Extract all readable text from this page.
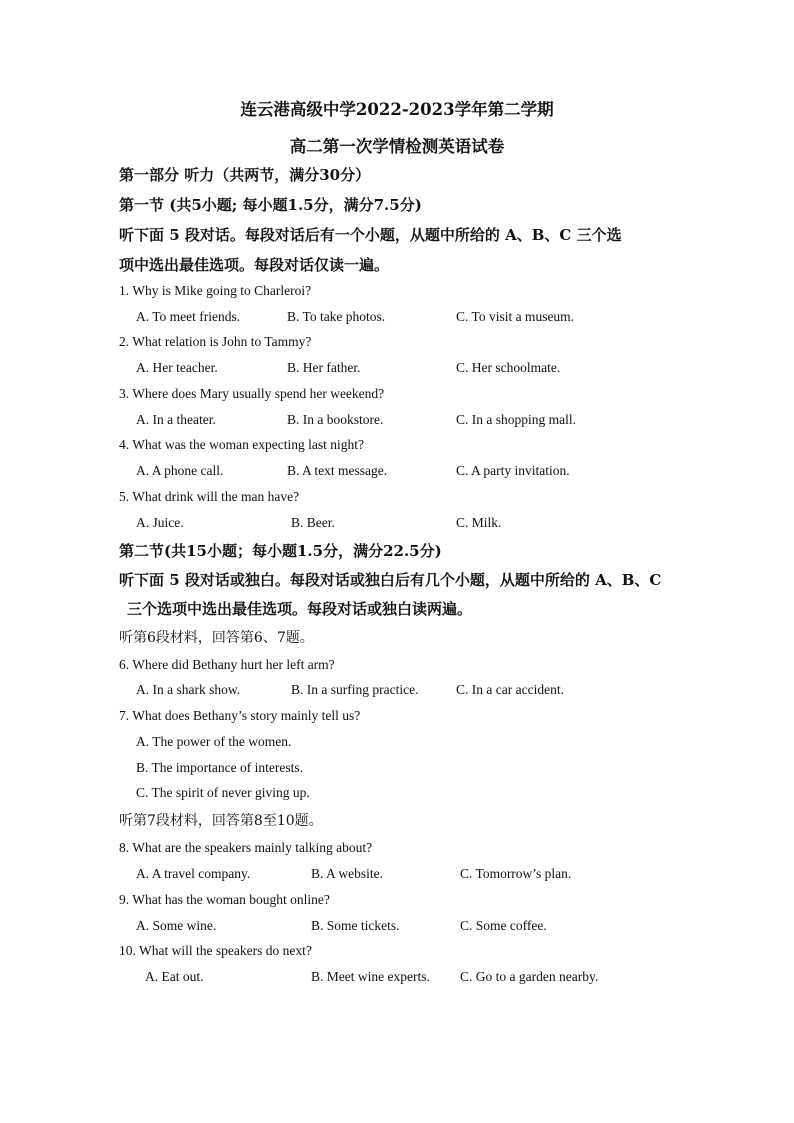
连云港高级中学2022-2023学年第二学期
高二第一次学情检测英语试卷
第一部分 听力（共两节，满分30分）
第一节 (共5小题; 每小题1.5分，满分7.5分)
听下面 5 段对话。每段对话后有一个小题，从题中所给的 A、B、C 三个选
项中选出最佳选项。每段对话仅读一遍。
1. Why is Mike going to Charleroi?
A. To meet friends.	B. To take photos.	C. To visit a museum.
2. What relation is John to Tammy?
A. Her teacher.	B. Her father.	C. Her schoolmate.
3. Where does Mary usually spend her weekend?
A. In a theater.	B. In a bookstore.	C. In a shopping mall.
4. What was the woman expecting last night?
A. A phone call.	B. A text message.	C. A party invitation.
5. What drink will the man have?
A. Juice.	B. Beer.	C. Milk.
第二节(共15小题；每小题1.5分，满分22.5分)
听下面 5 段对话或独白。每段对话或独白后有几个小题，从题中所给的 A、B、C
三个选项中选出最佳选项。每段对话或独白读两遍。
听第6段材料，回答第6、7题。
6. Where did Bethany hurt her left arm?
A. In a shark show.	B. In a surfing practice.	C. In a car accident.
7. What does Bethany’s story mainly tell us?
A. The power of the women.
B. The importance of interests.
C. The spirit of never giving up.
听第7段材料，回答第8至10题。
8. What are the speakers mainly talking about?
A. A travel company.	B. A website.	C. Tomorrow’s plan.
9. What has the woman bought online?
A. Some wine.	B. Some tickets.	C. Some coffee.
10. What will the speakers do next?
A. Eat out.	B. Meet wine experts. C. Go to a garden nearby.
